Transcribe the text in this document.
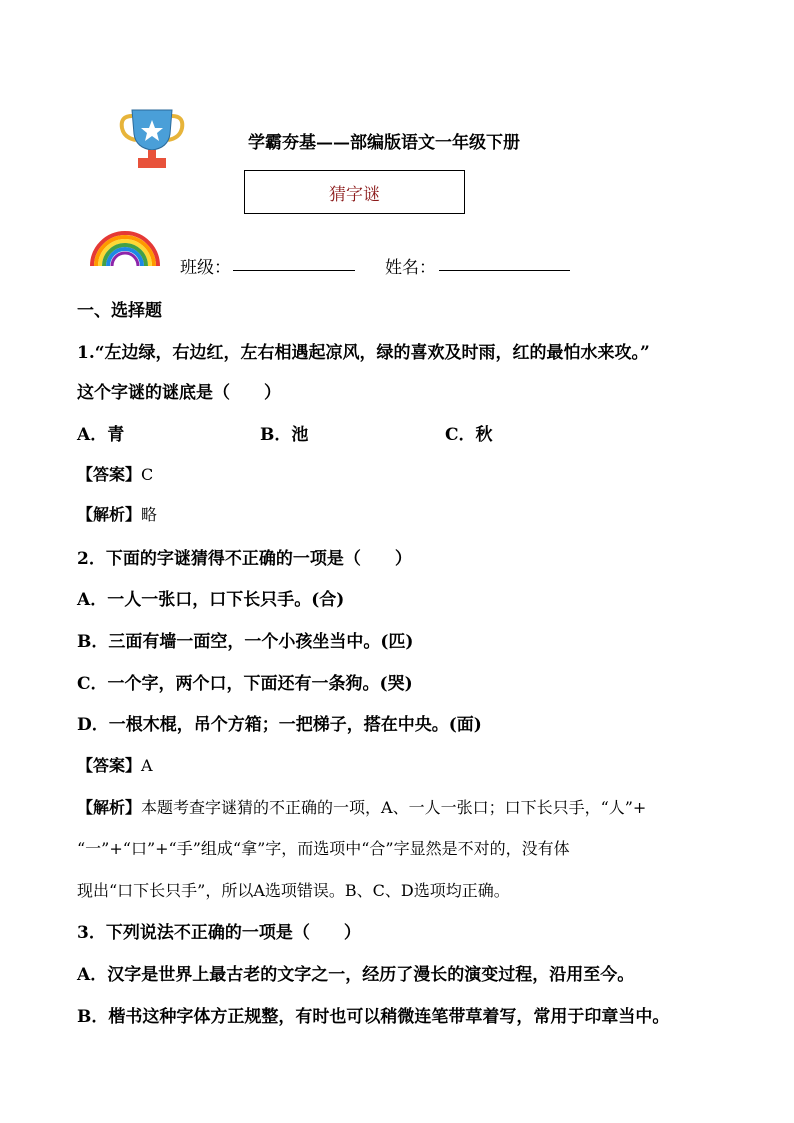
学霸夯基——部编版语文一年级下册
猜字谜
班级：	姓名：
一、选择题
1.“左边绿，右边红，左右相遇起凉风，绿的喜欢及时雨，红的最怕水来攻。”
这个字谜的谜底是（　　）
A．青	B．池	C．秋
【答案】C
【解析】略
2．下面的字谜猜得不正确的一项是（　　）
A．一人一张口，口下长只手。(合)
B．三面有墙一面空，一个小孩坐当中。(匹)
C．一个字，两个口，下面还有一条狗。(哭)
D．一根木棍，吊个方箱；一把梯子，搭在中央。(面)
【答案】A
【解析】本题考查字谜猜的不正确的一项，A、一人一张口；口下长只手，“人”+
“一”+“口”+“手”组成“拿”字，而选项中“合”字显然是不对的，没有体
现出“口下长只手”，所以A选项错误。B、C、D选项均正确。
3．下列说法不正确的一项是（　　）
A．汉字是世界上最古老的文字之一，经历了漫长的演变过程，沿用至今。
B．楷书这种字体方正规整，有时也可以稍微连笔带草着写，常用于印章当中。
